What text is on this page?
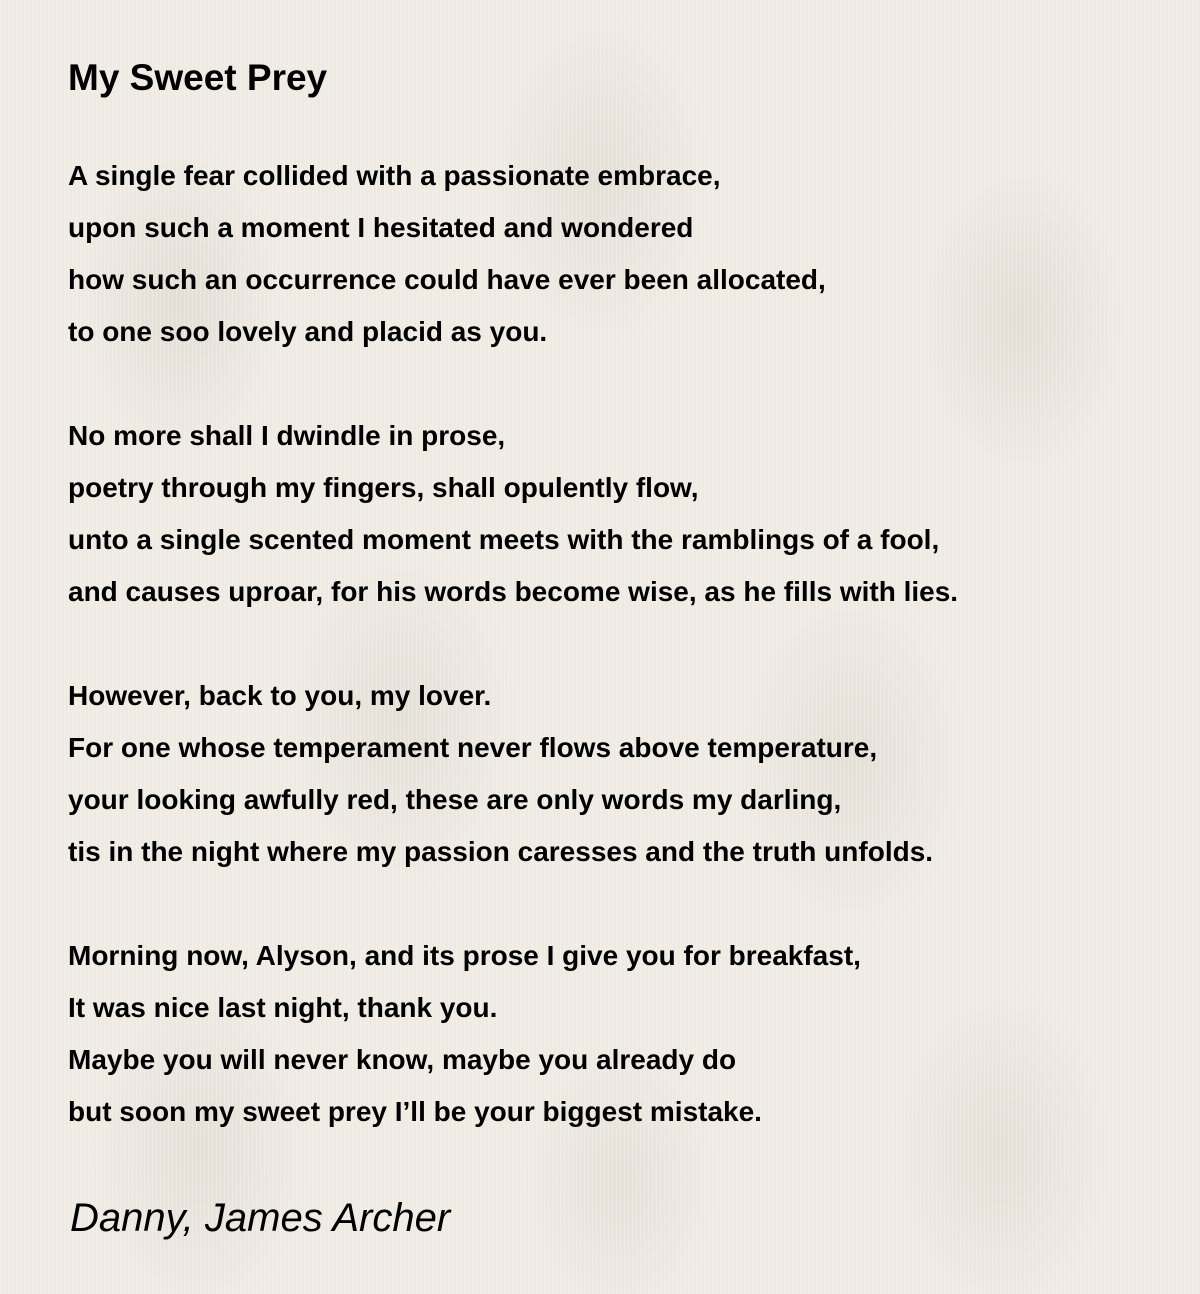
My Sweet Prey
A single fear collided with a passionate embrace,
upon such a moment I hesitated and wondered
how such an occurrence could have ever been allocated,
to one soo lovely and placid as you.
No more shall I dwindle in prose,
poetry through my fingers, shall opulently flow,
unto a single scented moment meets with the ramblings of a fool,
and causes uproar, for his words become wise, as he fills with lies.
However, back to you, my lover.
For one whose temperament never flows above temperature,
your looking awfully red, these are only words my darling,
tis in the night where my passion caresses and the truth unfolds.
Morning now, Alyson, and its prose I give you for breakfast,
It was nice last night, thank you.
Maybe you will never know, maybe you already do
but soon my sweet prey I’ll be your biggest mistake.

Danny, James Archer
